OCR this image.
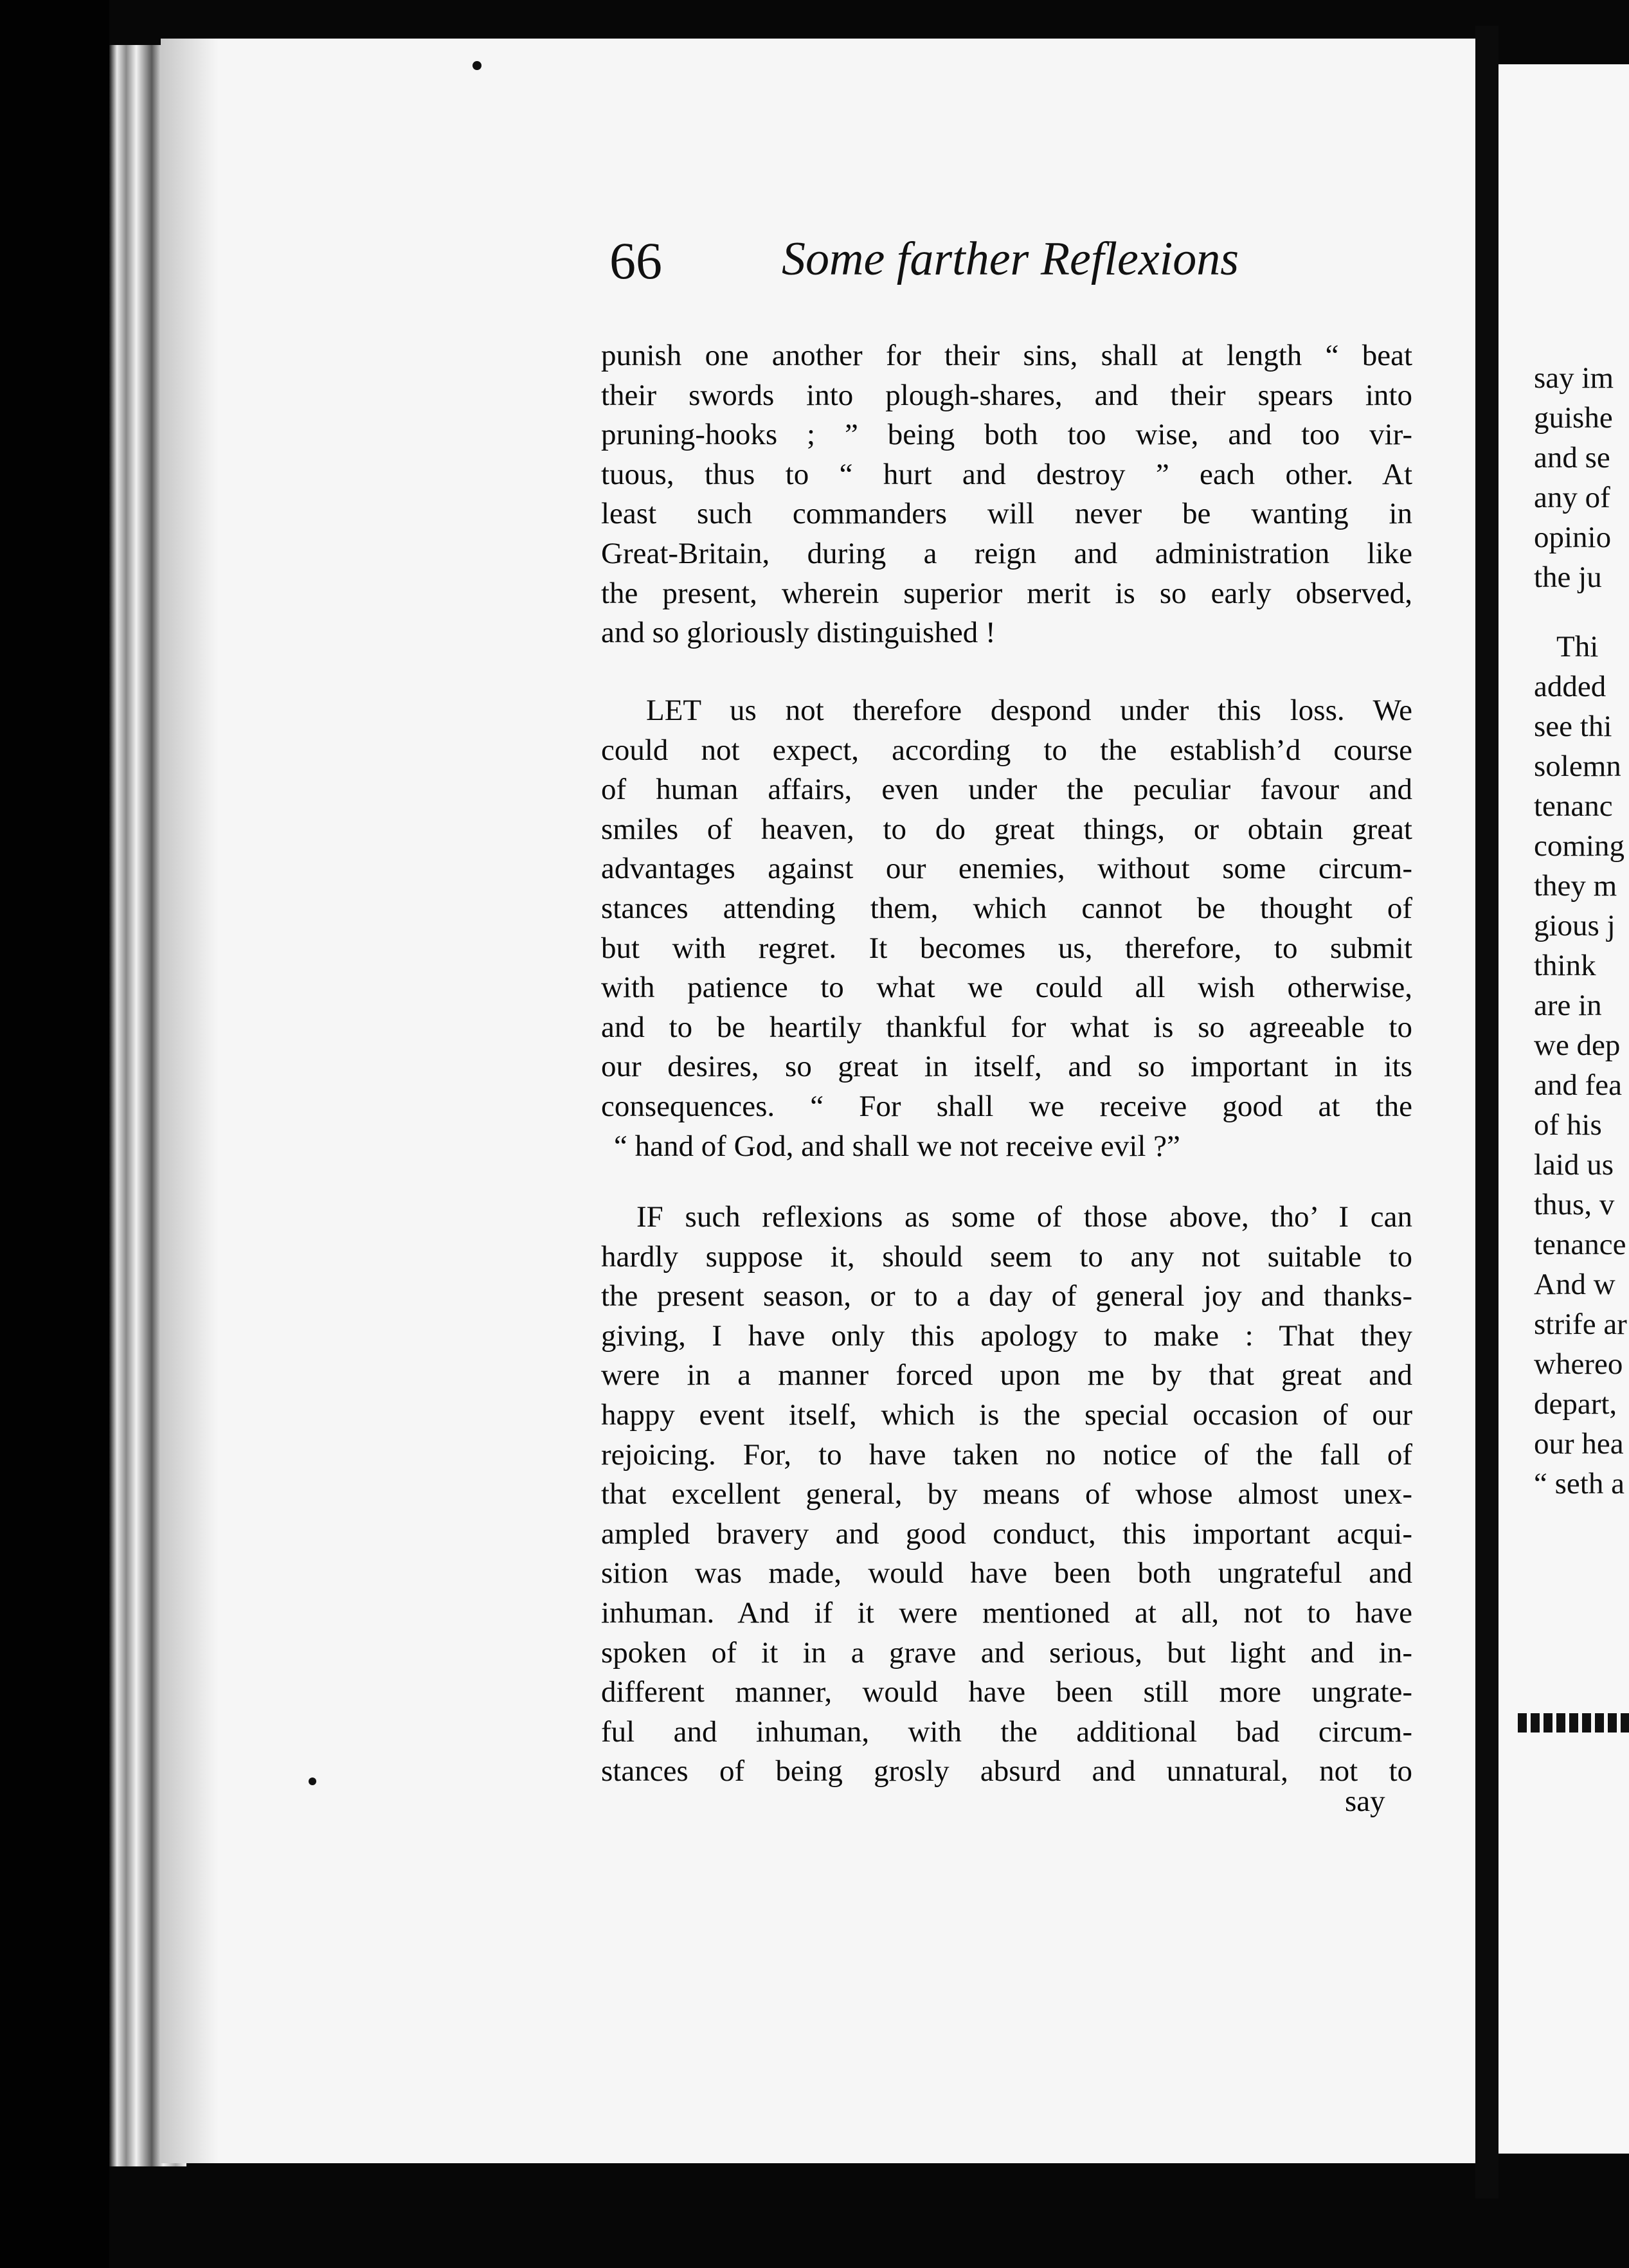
66	Some farther Reflexions
punish one another for their sins, shall at length “ beat
their swords into plough-shares, and their spears into
pruning-hooks ; ” being both too wise, and too vir-
tuous, thus to “ hurt and destroy ” each other. At
least such commanders will never be wanting in
Great-Britain, during a reign and administration like
the present, wherein superior merit is so early observed,
and so gloriously distinguished !
LET us not therefore despond under this loss. We
could not expect, according to the establish’d course
of human affairs, even under the peculiar favour and
smiles of heaven, to do great things, or obtain great
advantages against our enemies, without some circum-
stances attending them, which cannot be thought of
but with regret. It becomes us, therefore, to submit
with patience to what we could all wish otherwise,
and to be heartily thankful for what is so agreeable to
our desires, so great in itself, and so important in its
consequences. “ For shall we receive good at the
“ hand of God, and shall we not receive evil ?”
IF such reflexions as some of those above, tho’ I can
hardly suppose it, should seem to any not suitable to
the present season, or to a day of general joy and thanks-
giving, I have only this apology to make : That they
were in a manner forced upon me by that great and
happy event itself, which is the special occasion of our
rejoicing. For, to have taken no notice of the fall of
that excellent general, by means of whose almost unex-
ampled bravery and good conduct, this important acqui-
sition was made, would have been both ungrateful and
inhuman. And if it were mentioned at all, not to have
spoken of it in a grave and serious, but light and in-
different manner, would have been still more ungrate-
ful and inhuman, with the additional bad circum-
stances of being grosly absurd and unnatural, not to
say
say im
guishe
and se
any of
opinio
the ju
Thi
added
see thi
solemn
tenanc
coming
they m
gious j
think
are in
we dep
and fea
of his
laid us
thus, v
tenance
And w
strife ar
whereo
depart,
our hea
“ seth a
